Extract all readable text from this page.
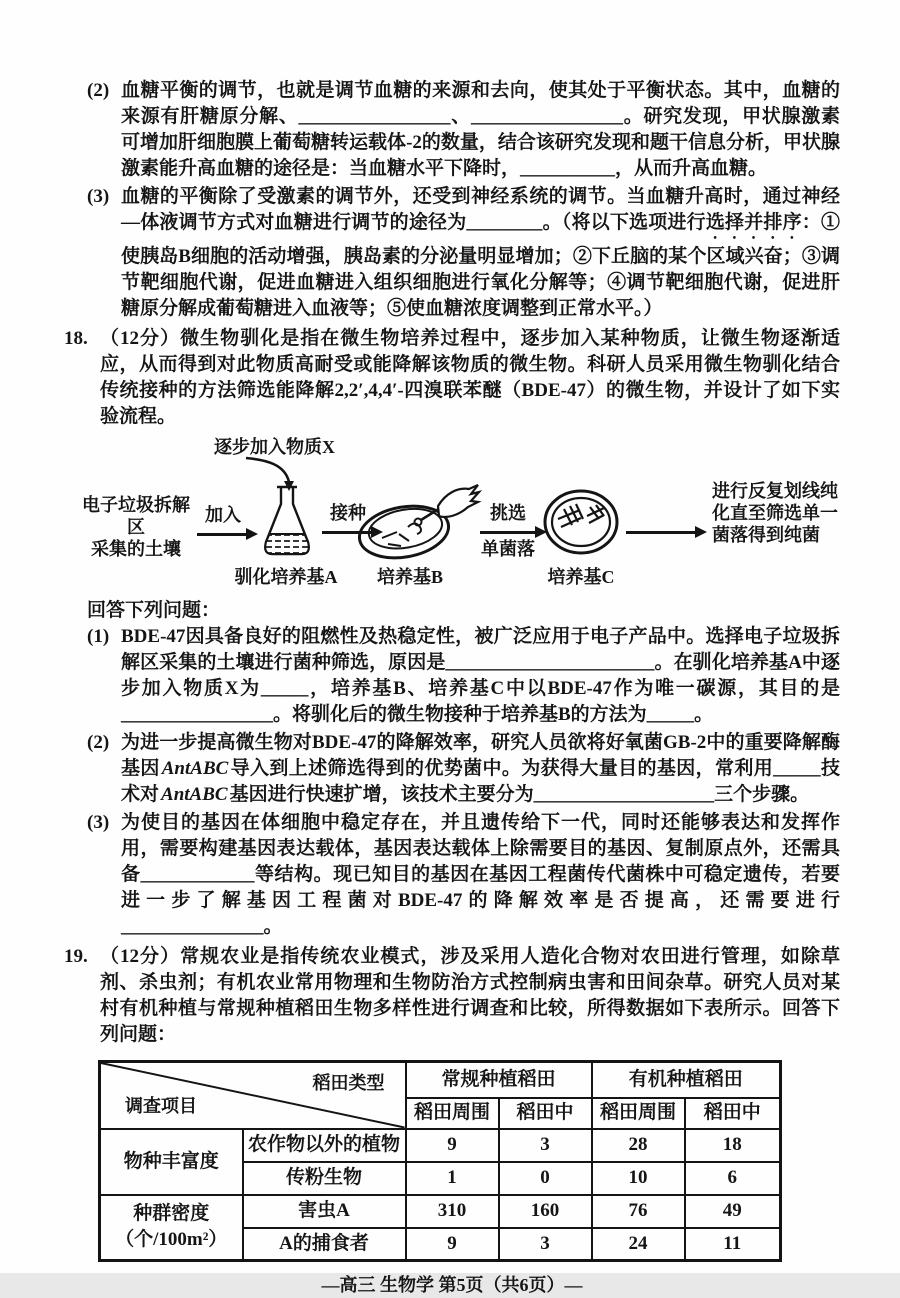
(2) 血糖平衡的调节，也就是调节血糖的来源和去向，使其处于平衡状态。其中，血糖的来源有肝糖原分解、________________、________________。研究发现，甲状腺激素可增加肝细胞膜上葡萄糖转运载体-2的数量，结合该研究发现和题干信息分析，甲状腺激素能升高血糖的途径是：当血糖水平下降时，__________，从而升高血糖。
(3) 血糖的平衡除了受激素的调节外，还受到神经系统的调节。当血糖升高时，通过神经—体液调节方式对血糖进行调节的途径为________。（将以下选项进行选择并排序：①使胰岛B细胞的活动增强，胰岛素的分泌量明显增加；②下丘脑的某个区域兴奋；③调节靶细胞代谢，促进血糖进入组织细胞进行氧化分解等；④调节靶细胞代谢，促进肝糖原分解成葡萄糖进入血液等；⑤使血糖浓度调整到正常水平。）
18. （12分）微生物驯化是指在微生物培养过程中，逐步加入某种物质，让微生物逐渐适应，从而得到对此物质高耐受或能降解该物质的微生物。科研人员采用微生物驯化结合传统接种的方法筛选能降解2,2′,4,4′-四溴联苯醚（BDE-47）的微生物，并设计了如下实验流程。
逐步加入物质X
电子垃圾拆解区
采集的土壤
加入
驯化培养基A
接种
培养基B
挑选
单菌落
培养基C
进行反复划线纯
化直至筛选单一
菌落得到纯菌
回答下列问题：
(1) BDE-47因具备良好的阻燃性及热稳定性，被广泛应用于电子产品中。选择电子垃圾拆解区采集的土壤进行菌种筛选，原因是______________________。在驯化培养基A中逐步加入物质X为_____，培养基B、培养基C中以BDE-47作为唯一碳源，其目的是________________。将驯化后的微生物接种于培养基B的方法为_____。
(2) 为进一步提高微生物对BDE-47的降解效率，研究人员欲将好氧菌GB-2中的重要降解酶基因 AntABC 导入到上述筛选得到的优势菌中。为获得大量目的基因，常利用_____技术对 AntABC 基因进行快速扩增，该技术主要分为___________________三个步骤。
(3) 为使目的基因在体细胞中稳定存在，并且遗传给下一代，同时还能够表达和发挥作用，需要构建基因表达载体，基因表达载体上除需要目的基因、复制原点外，还需具备____________等结构。现已知目的基因在基因工程菌传代菌株中可稳定遗传，若要进一步了解基因工程菌对BDE-47的降解效率是否提高，还需要进行_______________。
19. （12分）常规农业是指传统农业模式，涉及采用人造化合物对农田进行管理，如除草剂、杀虫剂；有机农业常用物理和生物防治方式控制病虫害和田间杂草。研究人员对某村有机种植与常规种植稻田生物多样性进行调查和比较，所得数据如下表所示。回答下列问题：
稻田类型
调查项目		常规种植稻田		有机种植稻田	
		稻田周围	稻田中	稻田周围	稻田中
物种丰富度	农作物以外的植物	9	3	28	18
	传粉生物	1	0	10	6

种群密度
（个/100m²）	害虫A	310	160	76	49
	A的捕食者	9	3	24	11
—高三 生物学 第5页（共6页）—
